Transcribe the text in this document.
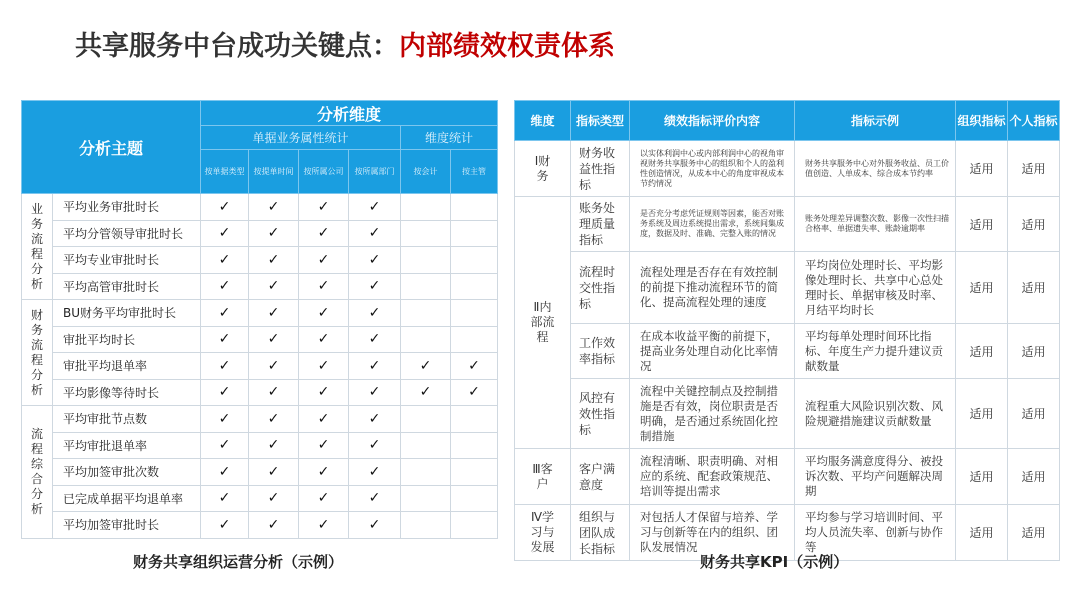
共享服务中台成功关键点：内部绩效权责体系
分析主题		分析维度					
		单据业务属性统计				维度统计	
		按单据类型	按提单时间	按所属公司	按所属部门	按会计	按主管
业务流程分析	平均业务审批时长	✓	✓	✓	✓		
	平均分管领导审批时长	✓	✓	✓	✓		
	平均专业审批时长	✓	✓	✓	✓		
	平均高管审批时长	✓	✓	✓	✓		
财务流程分析	BU财务平均审批时长	✓	✓	✓	✓		
	审批平均时长	✓	✓	✓	✓		
	审批平均退单率	✓	✓	✓	✓	✓	✓
	平均影像等待时长	✓	✓	✓	✓	✓	✓
流程综合分析	平均审批节点数	✓	✓	✓	✓		
	平均审批退单率	✓	✓	✓	✓		
	平均加签审批次数	✓	✓	✓	✓		
	已完成单据平均退单率	✓	✓	✓	✓		
	平均加签审批时长	✓	✓	✓	✓		
维度	指标类型	绩效指标评价内容	指标示例	组织指标	个人指标
Ⅰ财务	财务收益性指标	以实体利润中心或内部利润中心的视角审视财务共享服务中心的组织和个人的盈利性创造情况，从成本中心的角度审视成本节约情况	财务共享服务中心对外服务收益、员工价值创造、人单成本、综合成本节约率	适用	适用
Ⅱ内部流程	账务处理质量指标	是否充分考虑凭证规则等因素，能否对账务系统及周边系统提出需求，系统间集成度，数据及时、准确、完整入账的情况	账务处理差异调整次数、影像一次性扫描合格率、单据遗失率、账龄逾期率	适用	适用
	流程时交性指标	流程处理是否存在有效控制的前提下推动流程环节的简化、提高流程处理的速度	平均岗位处理时长、平均影像处理时长、共享中心总处理时长、单据审核及时率、月结平均时长	适用	适用
	工作效率指标	在成本收益平衡的前提下，提高业务处理自动化比率情况	平均每单处理时间环比指标、年度生产力提升建议贡献数量	适用	适用
	风控有效性指标	流程中关键控制点及控制措施是否有效，岗位职责是否明确，是否通过系统固化控制措施	流程重大风险识别次数、风险规避措施建议贡献数量	适用	适用
Ⅲ客户	客户满意度	流程清晰、职责明确、对相应的系统、配套政策规范、培训等提出需求	平均服务满意度得分、被投诉次数、平均产问题解决周期	适用	适用
Ⅳ学习与发展	组织与团队成长指标	对包括人才保留与培养、学习与创新等在内的组织、团队发展情况	平均参与学习培训时间、平均人员流失率、创新与协作等	适用	适用
财务共享组织运营分析（示例）	财务共享KPI（示例）
